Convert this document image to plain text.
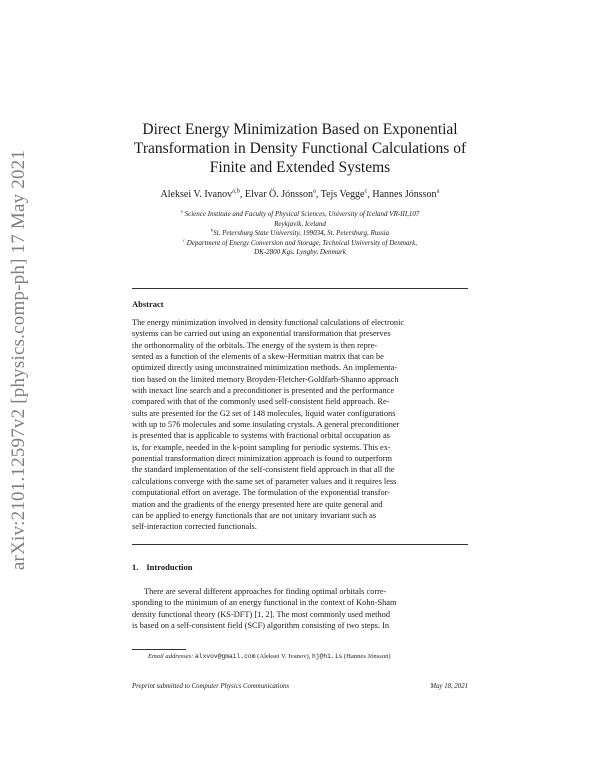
arXiv:2101.12597v2 [physics.comp-ph] 17 May 2021
Direct Energy Minimization Based on Exponential
Transformation in Density Functional Calculations of
Finite and Extended Systems
Aleksei V. Ivanov$^{a,b}$, Elvar Ö. Jónsson$^a$, Tejs Vegge$^c$, Hannes Jónsson$^a$
$^a$ Science Institute and Faculty of Physical Sciences, University of Iceland VR-III,107
Reykjavík, Iceland
$^b$St. Petersburg State University, 199034, St. Petersburg, Russia
$^c$ Department of Energy Conversion and Storage, Technical University of Denmark,
DK-2800 Kgs. Lyngby, Denmark
Abstract
The energy minimization involved in density functional calculations of electronic
systems can be carried out using an exponential transformation that preserves
the orthonormality of the orbitals. The energy of the system is then repre-
sented as a function of the elements of a skew-Hermitian matrix that can be
optimized directly using unconstrained minimization methods. An implementa-
tion based on the limited memory Broyden-Fletcher-Goldfarb-Shanno approach
with inexact line search and a preconditioner is presented and the performance
compared with that of the commonly used self-consistent field approach. Re-
sults are presented for the G2 set of 148 molecules, liquid water configurations
with up to 576 molecules and some insulating crystals. A general preconditioner
is presented that is applicable to systems with fractional orbital occupation as
is, for example, needed in the k-point sampling for periodic systems. This ex-
ponential transformation direct minimization approach is found to outperform
the standard implementation of the self-consistent field approach in that all the
calculations converge with the same set of parameter values and it requires less
computational effort on average. The formulation of the exponential transfor-
mation and the gradients of the energy presented here are quite general and
can be applied to energy functionals that are not unitary invariant such as
self-interaction corrected functionals.
1. Introduction
There are several different approaches for finding optimal orbitals corre-
sponding to the minimum of an energy functional in the context of Kohn-Sham
density functional theory (KS-DFT) [1, 2]. The most commonly used method
is based on a self-consistent field (SCF) algorithm consisting of two steps. In
Email addresses: alxvov@gmail.com (Aleksei V. Ivanov), hj@hi.is (Hannes Jónsson)
Preprint submitted to Computer Physics Communications	May 18, 2021
